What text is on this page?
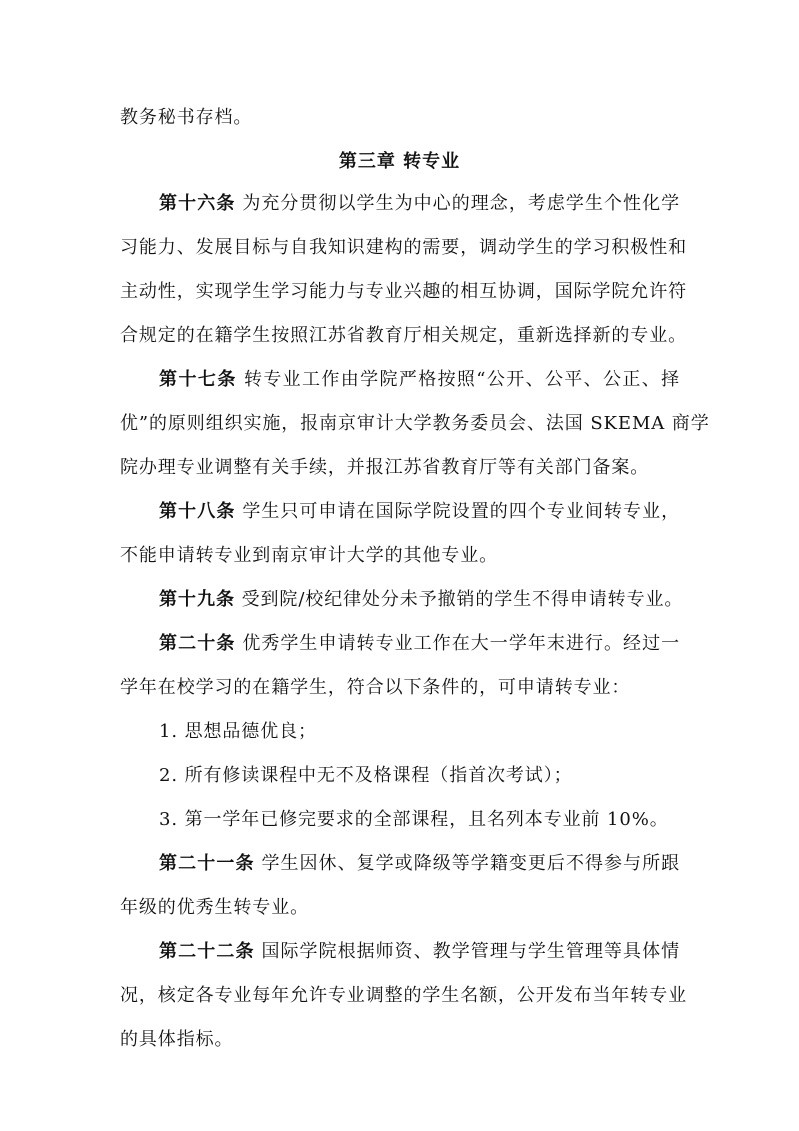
教务秘书存档。
第三章 转专业
第十六条 为充分贯彻以学生为中心的理念，考虑学生个性化学
习能力、发展目标与自我知识建构的需要，调动学生的学习积极性和
主动性，实现学生学习能力与专业兴趣的相互协调，国际学院允许符
合规定的在籍学生按照江苏省教育厅相关规定，重新选择新的专业。
第十七条 转专业工作由学院严格按照“公开、公平、公正、择
优”的原则组织实施，报南京审计大学教务委员会、法国 SKEMA 商学
院办理专业调整有关手续，并报江苏省教育厅等有关部门备案。
第十八条 学生只可申请在国际学院设置的四个专业间转专业，
不能申请转专业到南京审计大学的其他专业。
第十九条 受到院/校纪律处分未予撤销的学生不得申请转专业。
第二十条 优秀学生申请转专业工作在大一学年末进行。经过一
学年在校学习的在籍学生，符合以下条件的，可申请转专业：
1. 思想品德优良；
2. 所有修读课程中无不及格课程（指首次考试）；
3. 第一学年已修完要求的全部课程，且名列本专业前 10%。
第二十一条 学生因休、复学或降级等学籍变更后不得参与所跟
年级的优秀生转专业。
第二十二条 国际学院根据师资、教学管理与学生管理等具体情
况，核定各专业每年允许专业调整的学生名额，公开发布当年转专业
的具体指标。
